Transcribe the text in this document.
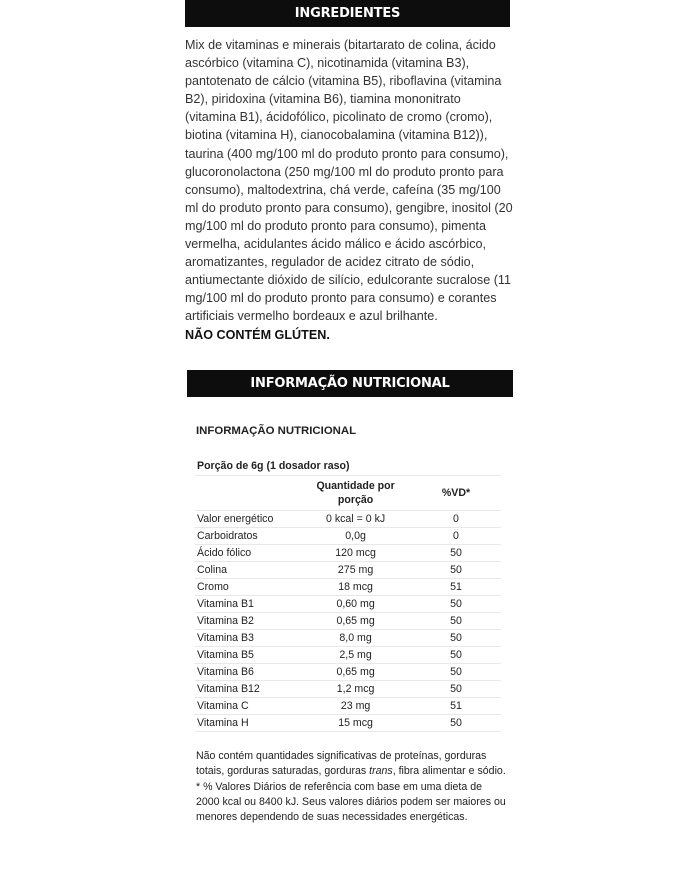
INGREDIENTES
Mix de vitaminas e minerais (bitartarato de colina, ácido ascórbico (vitamina C), nicotinamida (vitamina B3), pantotenato de cálcio (vitamina B5), riboflavina (vitamina B2), piridoxina (vitamina B6), tiamina mononitrato (vitamina B1), ácidofólico, picolinato de cromo (cromo), biotina (vitamina H), cianocobalamina (vitamina B12)), taurina (400 mg/100 ml do produto pronto para consumo), glucoronolactona (250 mg/100 ml do produto pronto para consumo), maltodextrina, chá verde, cafeína (35 mg/100 ml do produto pronto para consumo), gengibre, inositol (20 mg/100 ml do produto pronto para consumo), pimenta vermelha, acidulantes ácido málico e ácido ascórbico, aromatizantes, regulador de acidez citrato de sódio, antiumectante dióxido de silício, edulcorante sucralose (11 mg/100 ml do produto pronto para consumo) e corantes artificiais vermelho bordeaux e azul brilhante.
NÃO CONTÉM GLÚTEN.
INFORMAÇÃO NUTRICIONAL
INFORMAÇÃO NUTRICIONAL
Porção de 6g (1 dosador raso)		
	Quantidade por porção	%VD*
Valor energético	0 kcal = 0 kJ	0
Carboidratos	0,0g	0
Ácido fólico	120 mcg	50
Colina	275 mg	50
Cromo	18 mcg	51
Vitamina B1	0,60 mg	50
Vitamina B2	0,65 mg	50
Vitamina B3	8,0 mg	50
Vitamina B5	2,5 mg	50
Vitamina B6	0,65 mg	50
Vitamina B12	1,2 mcg	50
Vitamina C	23 mg	51
Vitamina H	15 mcg	50
Não contém quantidades significativas de proteínas, gorduras totais, gorduras saturadas, gorduras trans, fibra alimentar e sódio.
* % Valores Diários de referência com base em uma dieta de 2000 kcal ou 8400 kJ. Seus valores diários podem ser maiores ou menores dependendo de suas necessidades energéticas.
